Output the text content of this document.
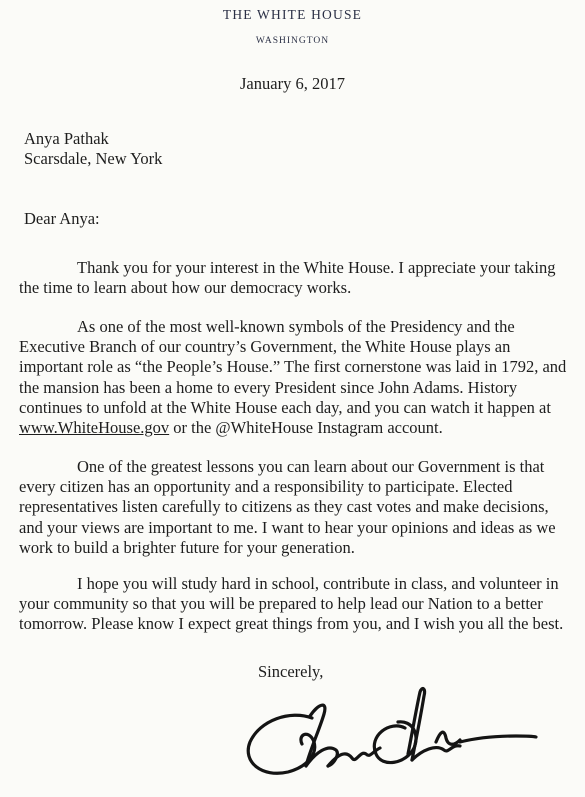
THE WHITE HOUSE
WASHINGTON
January 6, 2017
Anya Pathak
Scarsdale, New York
Dear Anya:
Thank you for your interest in the White House. I appreciate your taking the time to learn about how our democracy works.
As one of the most well-known symbols of the Presidency and the Executive Branch of our country’s Government, the White House plays an important role as “the People’s House.” The first cornerstone was laid in 1792, and the mansion has been a home to every President since John Adams. History continues to unfold at the White House each day, and you can watch it happen at www.WhiteHouse.gov or the @WhiteHouse Instagram account.
One of the greatest lessons you can learn about our Government is that every citizen has an opportunity and a responsibility to participate. Elected representatives listen carefully to citizens as they cast votes and make decisions, and your views are important to me. I want to hear your opinions and ideas as we work to build a brighter future for your generation.
I hope you will study hard in school, contribute in class, and volunteer in your community so that you will be prepared to help lead our Nation to a better tomorrow. Please know I expect great things from you, and I wish you all the best.
Sincerely,
